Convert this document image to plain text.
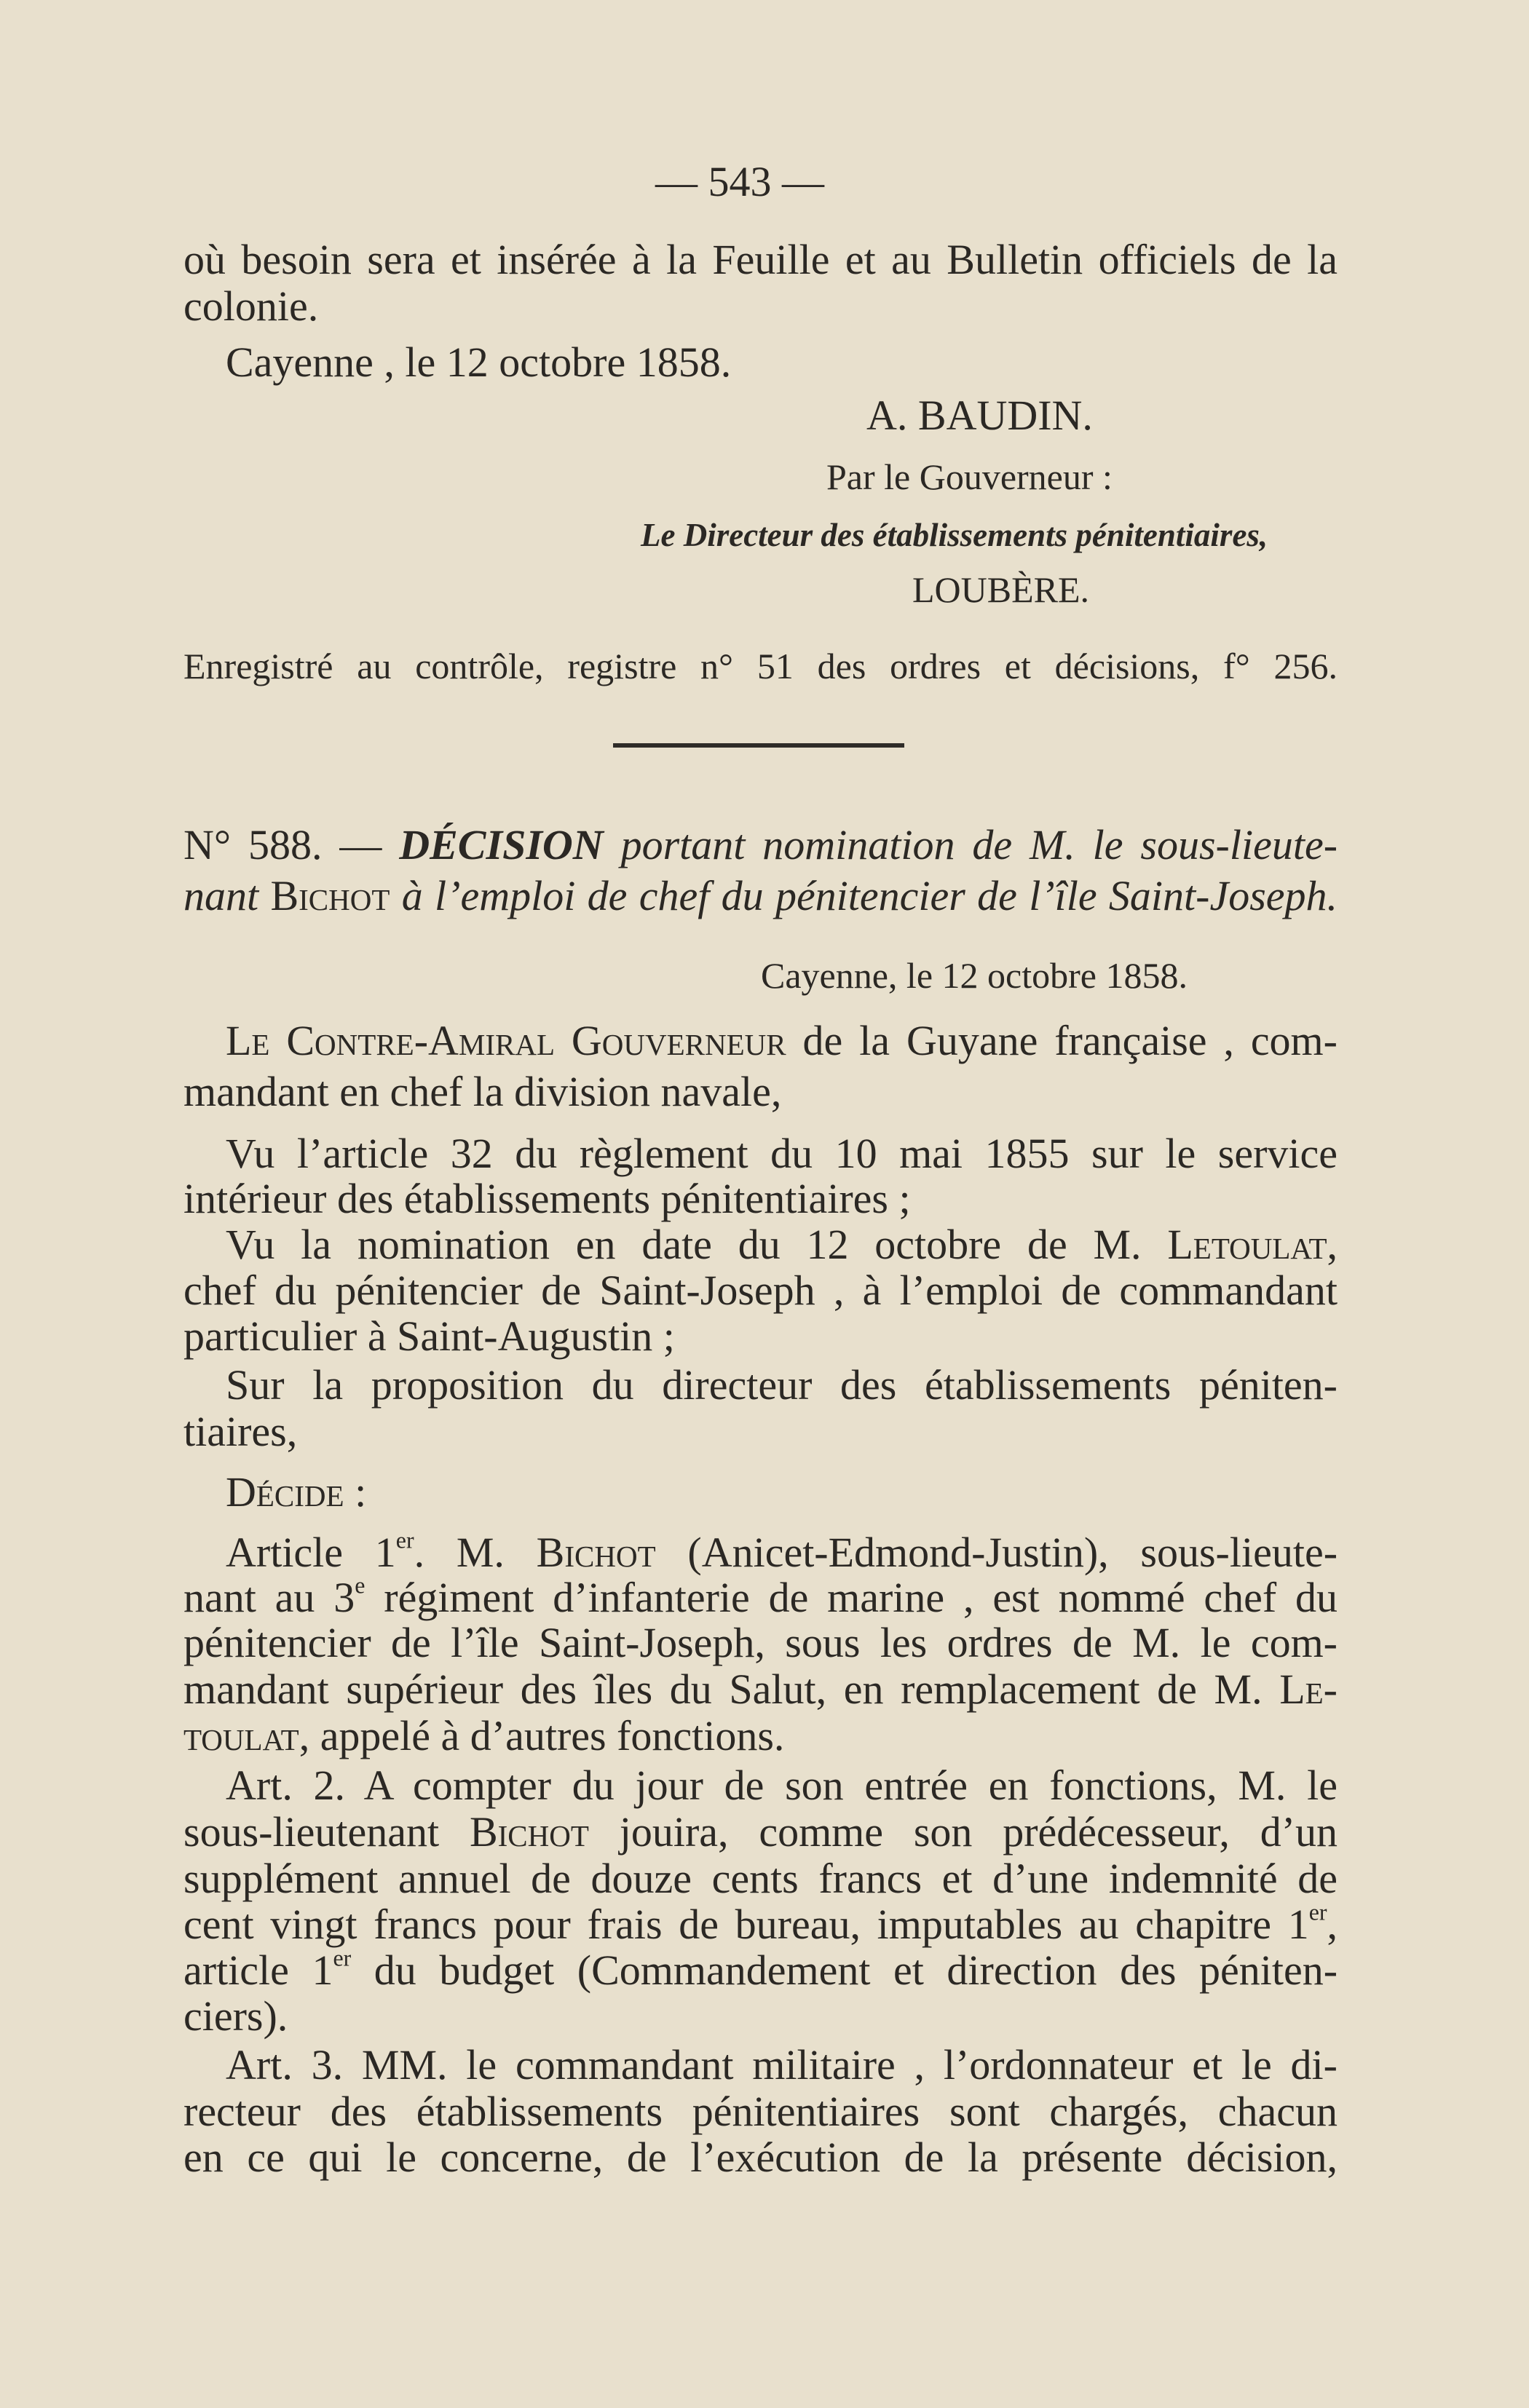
— 543 —
où besoin sera et insérée à la Feuille et au Bulletin officiels de la
colonie.
Cayenne , le 12 octobre 1858.
A. BAUDIN.
Par le Gouverneur :
Le Directeur des établissements pénitentiaires,
LOUBÈRE.
Enregistré au contrôle, registre n° 51 des ordres et décisions, f° 256.
N° 588. — DÉCISION portant nomination de M. le sous-lieute-
nant Bichot à l’emploi de chef du pénitencier de l’île Saint-Joseph.
Cayenne, le 12 octobre 1858.
Le Contre-Amiral Gouverneur de la Guyane française , com-
mandant en chef la division navale,
Vu l’article 32 du règlement du 10 mai 1855 sur le service
intérieur des établissements pénitentiaires ;
Vu la nomination en date du 12 octobre de M. Letoulat,
chef du pénitencier de Saint-Joseph , à l’emploi de commandant
particulier à Saint-Augustin ;
Sur la proposition du directeur des établissements péniten-
tiaires,
Décide :
Article 1er. M. Bichot (Anicet-Edmond-Justin), sous-lieute-
nant au 3e régiment d’infanterie de marine , est nommé chef du
pénitencier de l’île Saint-Joseph, sous les ordres de M. le com-
mandant supérieur des îles du Salut, en remplacement de M. Le-
toulat, appelé à d’autres fonctions.
Art. 2. A compter du jour de son entrée en fonctions, M. le
sous-lieutenant Bichot jouira, comme son prédécesseur, d’un
supplément annuel de douze cents francs et d’une indemnité de
cent vingt francs pour frais de bureau, imputables au chapitre 1er,
article 1er du budget (Commandement et direction des péniten-
ciers).
Art. 3. MM. le commandant militaire , l’ordonnateur et le di-
recteur des établissements pénitentiaires sont chargés, chacun
en ce qui le concerne, de l’exécution de la présente décision,
